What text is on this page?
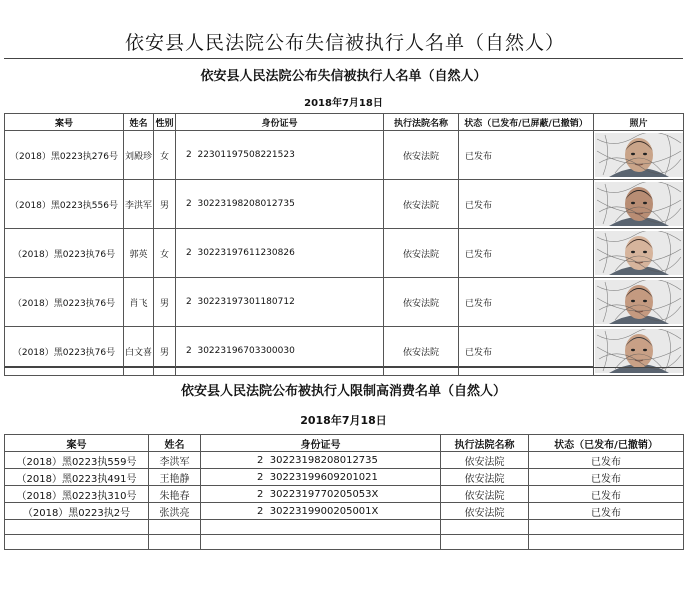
依安县人民法院公布失信被执行人名单（自然人）
依安县人民法院公布失信被执行人名单（自然人）
2018年7月18日
案号	姓名	性别	身份证号	执行法院名称	状态（已发布/已屏蔽/已撤销）	照片
（2018）黑0223执276号	刘殿珍	女	2 22301197508221523	依安法院	已发布	

（2018）黑0223执556号	李洪军	男	2 30223198208012735	依安法院	已发布	

（2018）黑0223执76号	郭英	女	2 30223197611230826	依安法院	已发布	

（2018）黑0223执76号	肖飞	男	2 30223197301180712	依安法院	已发布	

（2018）黑0223执76号	白文喜	男	2 30223196703300030	依安法院	已发布	
依安县人民法院公布被执行人限制高消费名单（自然人）
2018年7月18日
案号	姓名	身份证号	执行法院名称	状态（已发布/已撤销）
（2018）黑0223执559号	李洪军	2 30223198208012735	依安法院	已发布
（2018）黑0223执491号	王艳静	2 30223199609201021	依安法院	已发布
（2018）黑0223执310号	朱艳春	2 3022319770205053X	依安法院	已发布
（2018）黑0223执2号	张洪亮	2 3022319900205001X	依安法院	已发布
